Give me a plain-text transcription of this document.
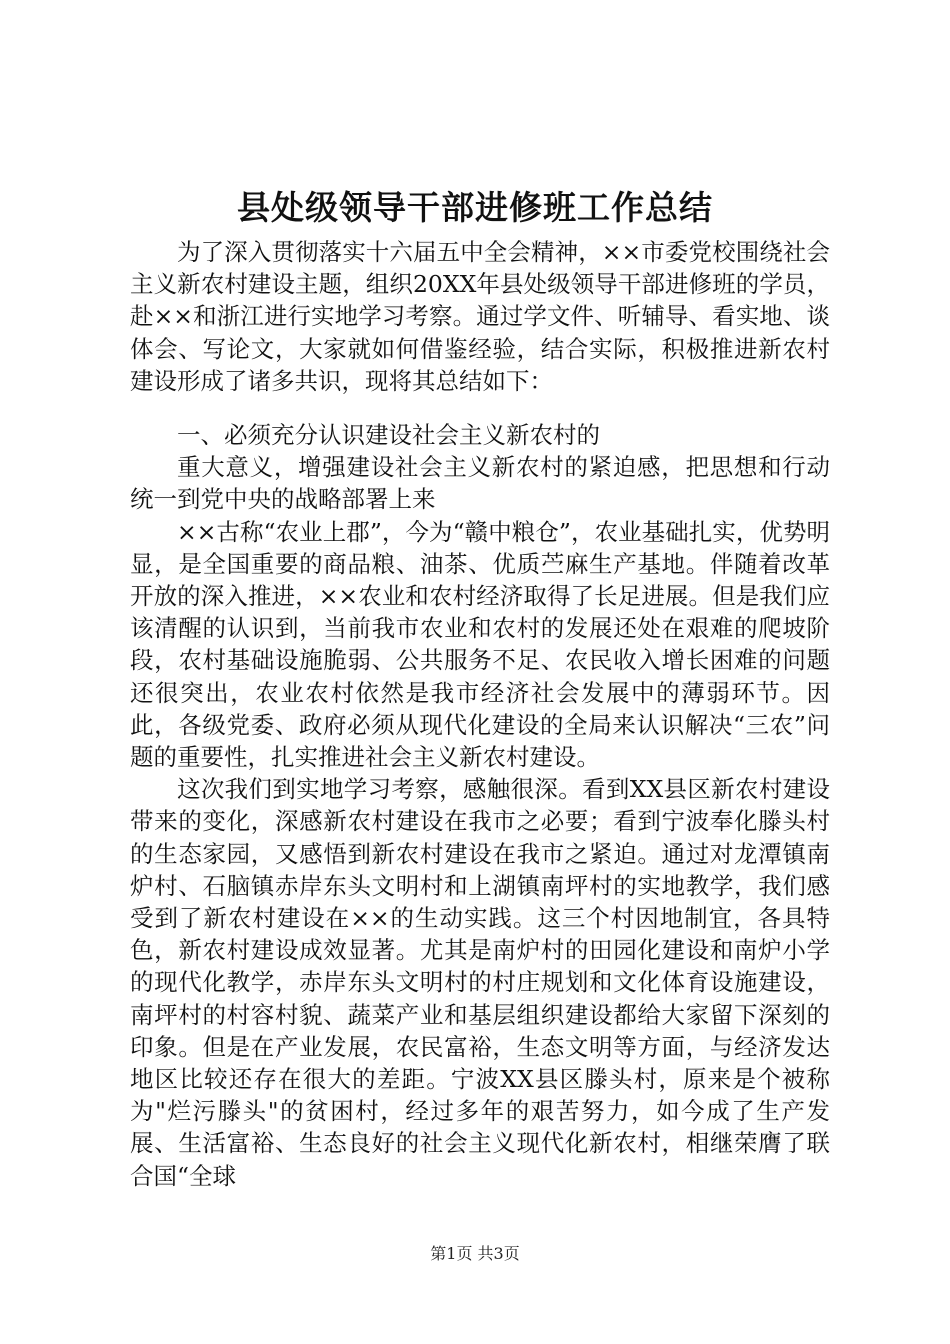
县处级领导干部进修班工作总结

为了深入贯彻落实十六届五中全会精神，××市委党校围绕社会主义新农村建设主题，组织20XX年县处级领导干部进修班的学员，赴××和浙江进行实地学习考察。通过学文件、听辅导、看实地、谈体会、写论文，大家就如何借鉴经验，结合实际，积极推进新农村建设形成了诸多共识，现将其总结如下：

一、必须充分认识建设社会主义新农村的

重大意义，增强建设社会主义新农村的紧迫感，把思想和行动统一到党中央的战略部署上来

××古称“农业上郡”，今为“赣中粮仓”，农业基础扎实，优势明显，是全国重要的商品粮、油茶、优质苎麻生产基地。伴随着改革开放的深入推进，××农业和农村经济取得了长足进展。但是我们应该清醒的认识到，当前我市农业和农村的发展还处在艰难的爬坡阶段，农村基础设施脆弱、公共服务不足、农民收入增长困难的问题还很突出，农业农村依然是我市经济社会发展中的薄弱环节。因此，各级党委、政府必须从现代化建设的全局来认识解决“三农”问题的重要性，扎实推进社会主义新农村建设。

这次我们到实地学习考察，感触很深。看到XX县区新农村建设带来的变化，深感新农村建设在我市之必要；看到宁波奉化滕头村的生态家园，又感悟到新农村建设在我市之紧迫。通过对龙潭镇南炉村、石脑镇赤岸东头文明村和上湖镇南坪村的实地教学，我们感受到了新农村建设在××的生动实践。这三个村因地制宜，各具特色，新农村建设成效显著。尤其是南炉村的田园化建设和南炉小学的现代化教学，赤岸东头文明村的村庄规划和文化体育设施建设，南坪村的村容村貌、蔬菜产业和基层组织建设都给大家留下深刻的印象。但是在产业发展，农民富裕，生态文明等方面，与经济发达地区比较还存在很大的差距。宁波XX县区滕头村，原来是个被称为"烂污滕头"的贫困村，经过多年的艰苦努力，如今成了生产发展、生活富裕、生态良好的社会主义现代化新农村，相继荣膺了联合国“全球

第1页 共3页
